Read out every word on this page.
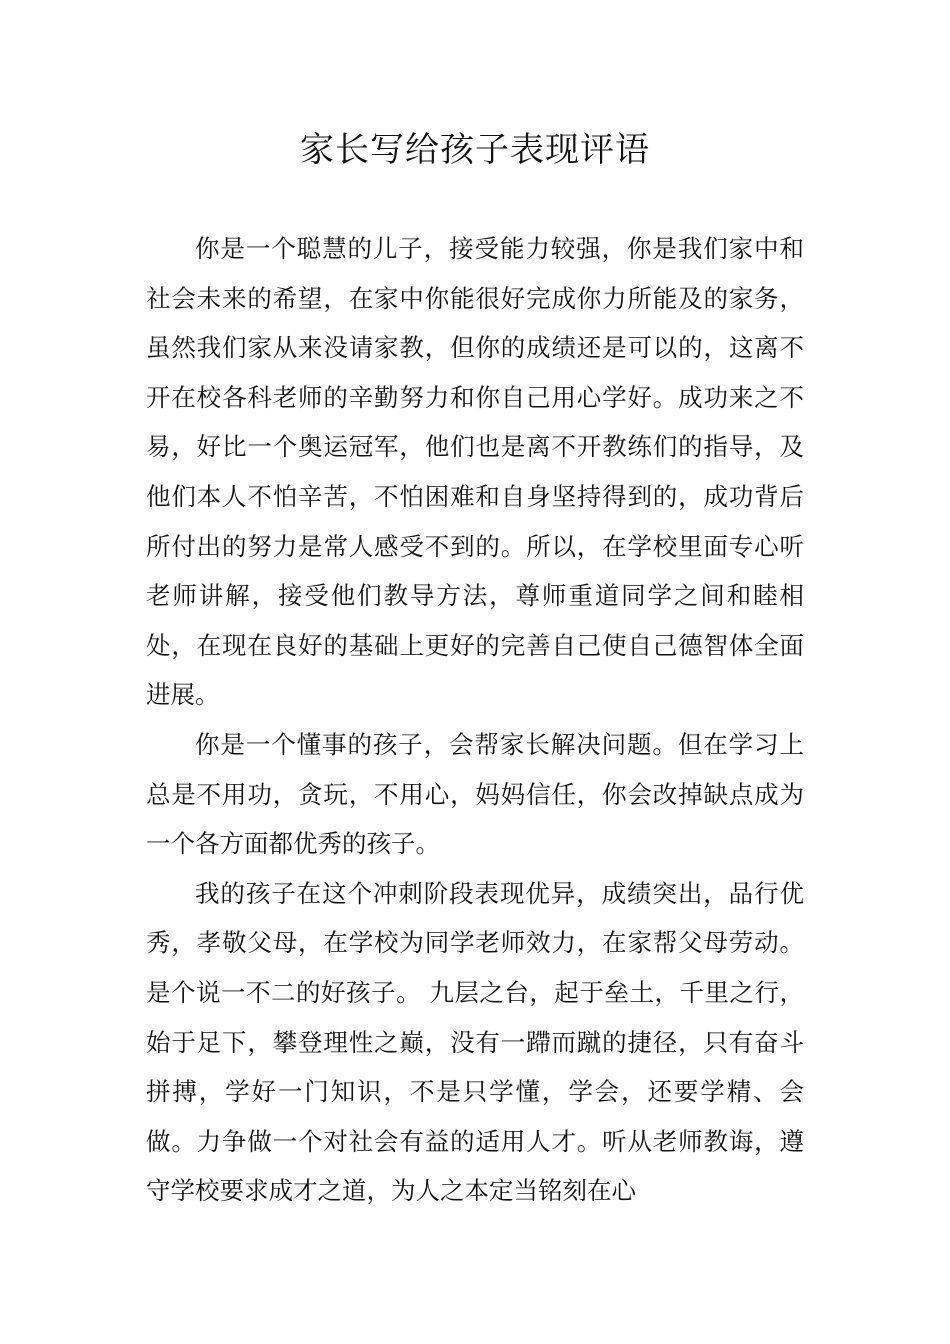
家长写给孩子表现评语

你是一个聪慧的儿子，接受能力较强，你是我们家中和社会未来的希望，在家中你能很好完成你力所能及的家务，虽然我们家从来没请家教，但你的成绩还是可以的，这离不开在校各科老师的辛勤努力和你自己用心学好。成功来之不易，好比一个奥运冠军，他们也是离不开教练们的指导，及他们本人不怕辛苦，不怕困难和自身坚持得到的，成功背后所付出的努力是常人感受不到的。所以，在学校里面专心听老师讲解，接受他们教导方法，尊师重道同学之间和睦相处，在现在良好的基础上更好的完善自己使自己德智体全面进展。

你是一个懂事的孩子，会帮家长解决问题。但在学习上总是不用功，贪玩，不用心，妈妈信任，你会改掉缺点成为一个各方面都优秀的孩子。

我的孩子在这个冲刺阶段表现优异，成绩突出，品行优秀，孝敬父母，在学校为同学老师效力，在家帮父母劳动。是个说一不二的好孩子。 九层之台，起于垒土，千里之行，始于足下，攀登理性之巅，没有一蹛而蹴的捷径，只有奋斗拼搏，学好一门知识，不是只学懂，学会，还要学精、会做。力争做一个对社会有益的适用人才。听从老师教诲，遵守学校要求成才之道，为人之本定当铭刻在心
